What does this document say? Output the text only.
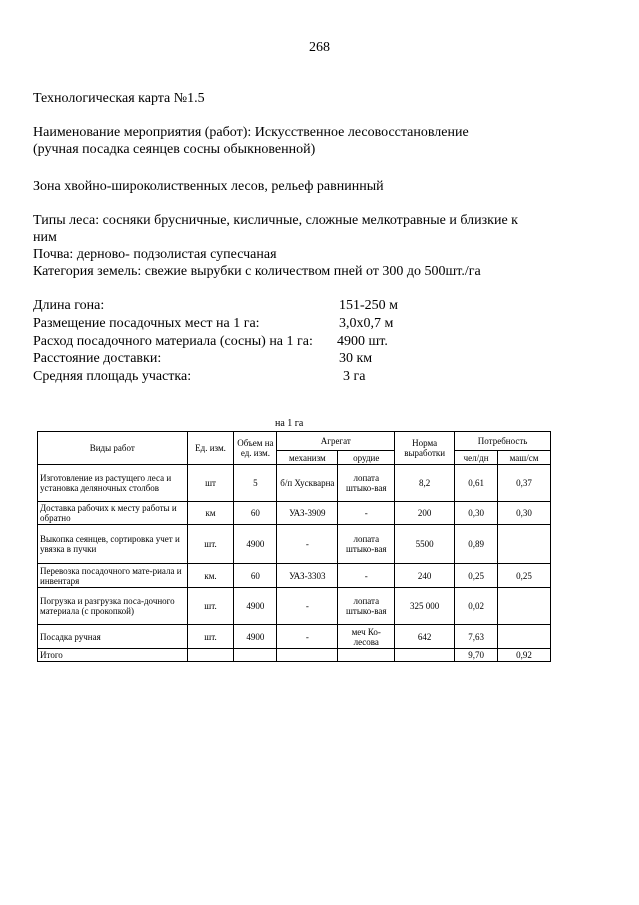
268
Технологическая карта №1.5
Наименование мероприятия (работ): Искусственное лесовосстановление
(ручная посадка сеянцев сосны обыкновенной)
Зона хвойно-широколиственных лесов, рельеф равнинный
Типы леса: сосняки брусничные, кисличные, сложные мелкотравные и близкие к
ним
Почва: дерново- подзолистая супесчаная
Категория земель: свежие вырубки с количеством пней от 300 до 500шт./га
Длина гона:	151-250 м
Размещение посадочных мест на 1 га:	3,0х0,7 м
Расход посадочного материала (сосны) на 1 га: 4900 шт.
Расстояние доставки:	30 км
Средняя площадь участка:	3 га
на 1 га
Виды работ	Ед. изм.	Объем на ед. изм.	Агрегат		Норма выработки	Потребность	
			механизм	орудие		чел/дн	маш/см
Изготовление из растущего леса и установка деляночных столбов	шт	5	б/п Хускварна	лопата штыко-вая	8,2	0,61	0,37
Доставка рабочих к месту работы и обратно	км	60	УАЗ-3909	-	200	0,30	0,30
Выкопка сеянцев, сортировка учет и увязка в пучки	шт.	4900	-	лопата штыко-вая	5500	0,89	
Перевозка посадочного мате-риала и инвентаря	км.	60	УАЗ-3303	-	240	0,25	0,25
Погрузка и разгрузка поса-дочного материала (с прокопкой)	шт.	4900	-	лопата штыко-вая	325 000	0,02	
Посадка ручная	шт.	4900	-	меч Ко-лесова	642	7,63	
Итого						9,70	0,92
